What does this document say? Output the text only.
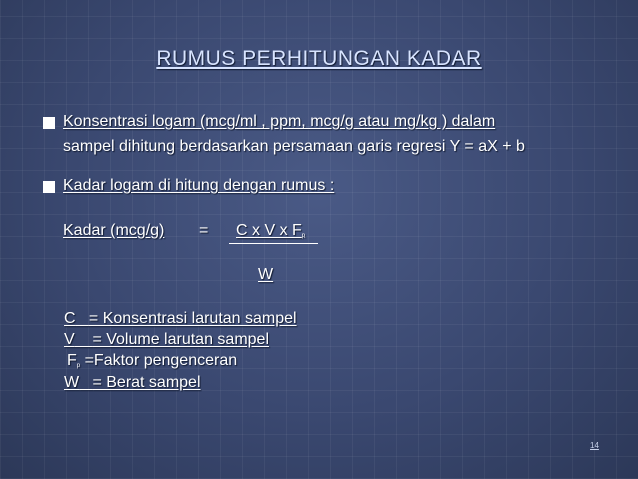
RUMUS PERHITUNGAN KADAR
Konsentrasi logam (mcg/ml , ppm, mcg/g atau mg/kg ) dalam
sampel dihitung berdasarkan persamaan garis regresi Y = aX + b
Kadar logam di hitung dengan rumus :
Kadar (mcg/g) = C x V x $F_p$
W
C = Konsentrasi larutan sampel
V = Volume larutan sampel
$F_p$ =Faktor pengenceran
W = Berat sampel
14
